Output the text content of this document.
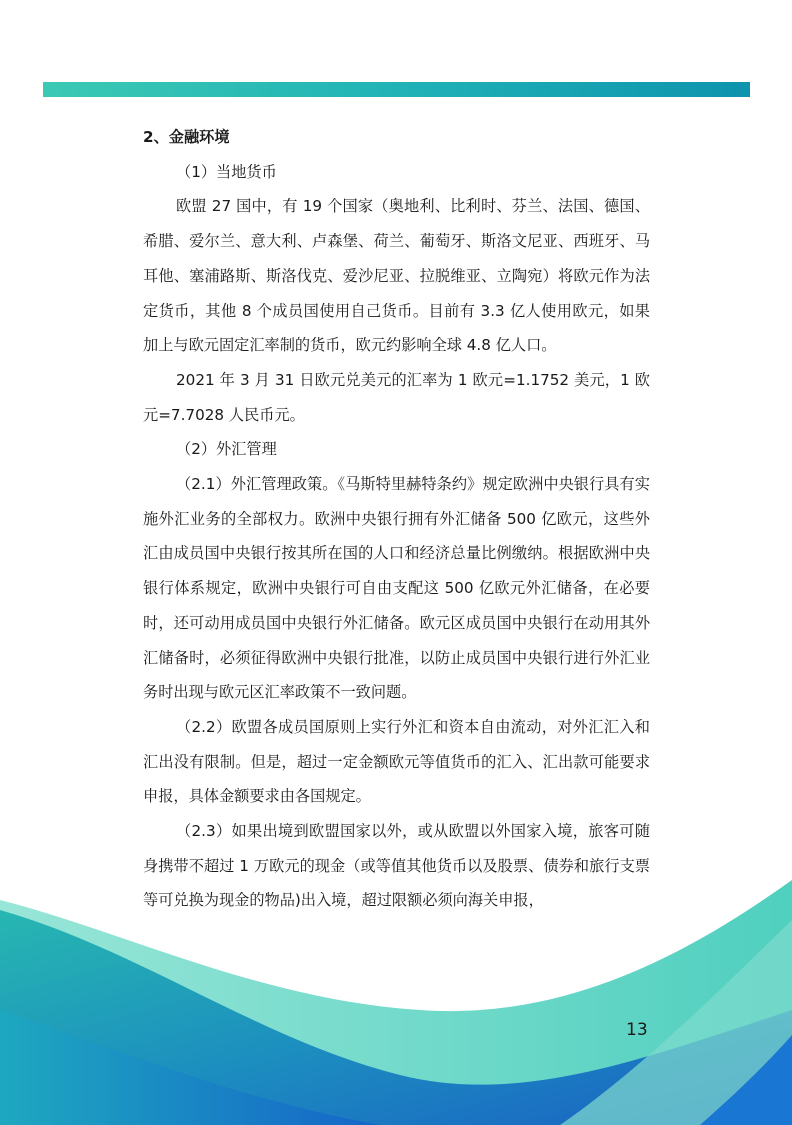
2、金融环境
（1）当地货币

欧盟 27 国中，有 19 个国家（奥地利、比利时、芬兰、法国、德国、希腊、爱尔兰、意大利、卢森堡、荷兰、葡萄牙、斯洛文尼亚、西班牙、马耳他、塞浦路斯、斯洛伐克、爱沙尼亚、拉脱维亚、立陶宛）将欧元作为法定货币，其他 8 个成员国使用自己货币。目前有 3.3 亿人使用欧元，如果加上与欧元固定汇率制的货币，欧元约影响全球 4.8 亿人口。

2021 年 3 月 31 日欧元兑美元的汇率为 1 欧元=1.1752 美元，1 欧元=7.7028 人民币元。

（2）外汇管理

（2.1）外汇管理政策。《马斯特里赫特条约》规定欧洲中央银行具有实施外汇业务的全部权力。欧洲中央银行拥有外汇储备 500 亿欧元，这些外汇由成员国中央银行按其所在国的人口和经济总量比例缴纳。根据欧洲中央银行体系规定，欧洲中央银行可自由支配这 500 亿欧元外汇储备，在必要时，还可动用成员国中央银行外汇储备。欧元区成员国中央银行在动用其外汇储备时，必须征得欧洲中央银行批准，以防止成员国中央银行进行外汇业务时出现与欧元区汇率政策不一致问题。

（2.2）欧盟各成员国原则上实行外汇和资本自由流动，对外汇汇入和汇出没有限制。但是，超过一定金额欧元等值货币的汇入、汇出款可能要求申报，具体金额要求由各国规定。

（2.3）如果出境到欧盟国家以外，或从欧盟以外国家入境，旅客可随身携带不超过 1 万欧元的现金（或等值其他货币以及股票、债券和旅行支票等可兑换为现金的物品)出入境，超过限额必须向海关申报，

13
